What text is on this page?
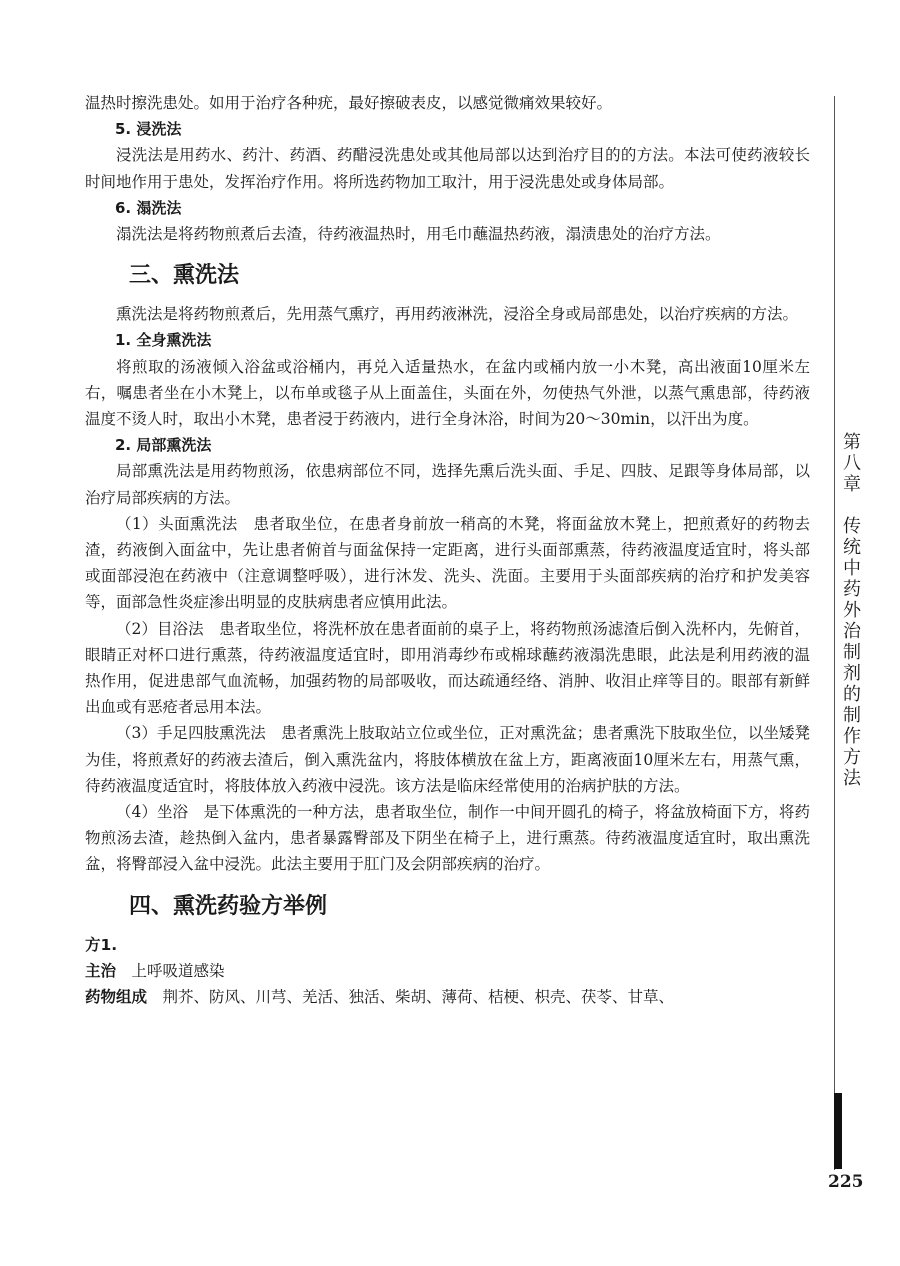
温热时擦洗患处。如用于治疗各种疣，最好擦破表皮，以感觉微痛效果较好。

5. 浸洗法

浸洗法是用药水、药汁、药酒、药醋浸洗患处或其他局部以达到治疗目的的方法。本法可使药液较长时间地作用于患处，发挥治疗作用。将所选药物加工取汁，用于浸洗患处或身体局部。

6. 溻洗法

溻洗法是将药物煎煮后去渣，待药液温热时，用毛巾蘸温热药液，溻渍患处的治疗方法。

三、熏洗法

熏洗法是将药物煎煮后，先用蒸气熏疗，再用药液淋洗，浸浴全身或局部患处，以治疗疾病的方法。

1. 全身熏洗法

将煎取的汤液倾入浴盆或浴桶内，再兑入适量热水，在盆内或桶内放一小木凳，高出液面10厘米左右，嘱患者坐在小木凳上，以布单或毯子从上面盖住，头面在外，勿使热气外泄，以蒸气熏患部，待药液温度不烫人时，取出小木凳，患者浸于药液内，进行全身沐浴，时间为20～30min，以汗出为度。

2. 局部熏洗法

局部熏洗法是用药物煎汤，依患病部位不同，选择先熏后洗头面、手足、四肢、足跟等身体局部，以治疗局部疾病的方法。

（1）头面熏洗法 患者取坐位，在患者身前放一稍高的木凳，将面盆放木凳上，把煎煮好的药物去渣，药液倒入面盆中，先让患者俯首与面盆保持一定距离，进行头面部熏蒸，待药液温度适宜时，将头部或面部浸泡在药液中（注意调整呼吸），进行沐发、洗头、洗面。主要用于头面部疾病的治疗和护发美容等，面部急性炎症渗出明显的皮肤病患者应慎用此法。

（2）目浴法 患者取坐位，将洗杯放在患者面前的桌子上，将药物煎汤滤渣后倒入洗杯内，先俯首，眼睛正对杯口进行熏蒸，待药液温度适宜时，即用消毒纱布或棉球蘸药液溻洗患眼，此法是利用药液的温热作用，促进患部气血流畅，加强药物的局部吸收，而达疏通经络、消肿、收泪止痒等目的。眼部有新鲜出血或有恶疮者忌用本法。

（3）手足四肢熏洗法 患者熏洗上肢取站立位或坐位，正对熏洗盆；患者熏洗下肢取坐位，以坐矮凳为佳，将煎煮好的药液去渣后，倒入熏洗盆内，将肢体横放在盆上方，距离液面10厘米左右，用蒸气熏，待药液温度适宜时，将肢体放入药液中浸洗。该方法是临床经常使用的治病护肤的方法。

（4）坐浴 是下体熏洗的一种方法，患者取坐位，制作一中间开圆孔的椅子，将盆放椅面下方，将药物煎汤去渣，趁热倒入盆内，患者暴露臀部及下阴坐在椅子上，进行熏蒸。待药液温度适宜时，取出熏洗盆，将臀部浸入盆中浸洗。此法主要用于肛门及会阴部疾病的治疗。

四、熏洗药验方举例

方1.

主治 上呼吸道感染

药物组成 荆芥、防风、川芎、羌活、独活、柴胡、薄荷、桔梗、枳壳、茯苓、甘草、

第八章　传统中药外治制剂的制作方法
225
